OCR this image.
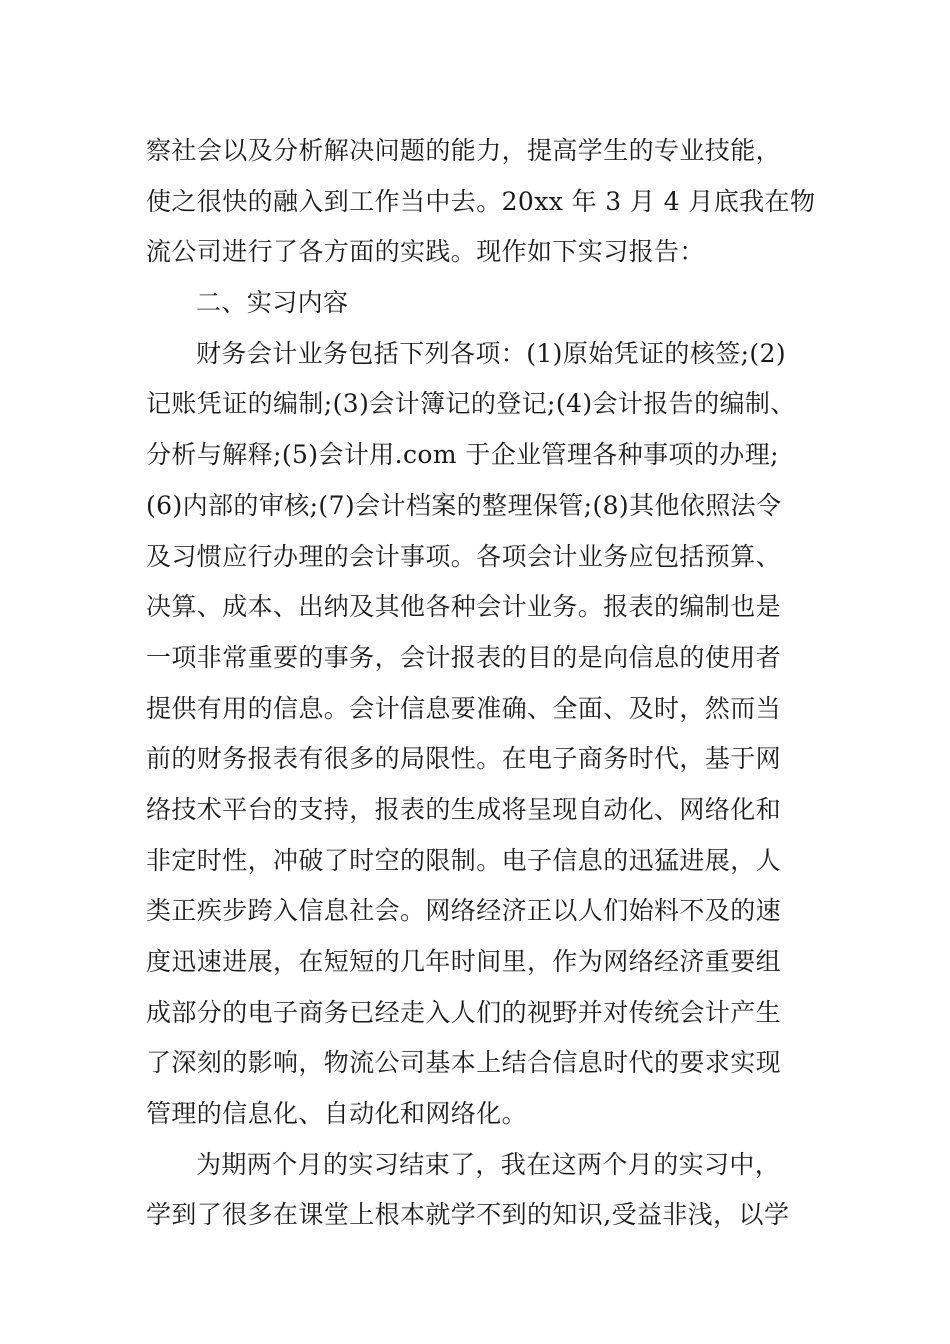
察社会以及分析解决问题的能力，提高学生的专业技能，
使之很快的融入到工作当中去。20xx 年 3 月 4 月底我在物
流公司进行了各方面的实践。现作如下实习报告：
二、实习内容
财务会计业务包括下列各项：(1)原始凭证的核签;(2)
记账凭证的编制;(3)会计簿记的登记;(4)会计报告的编制、
分析与解释;(5)会计用.com 于企业管理各种事项的办理;
(6)内部的审核;(7)会计档案的整理保管;(8)其他依照法令
及习惯应行办理的会计事项。各项会计业务应包括预算、
决算、成本、出纳及其他各种会计业务。报表的编制也是
一项非常重要的事务，会计报表的目的是向信息的使用者
提供有用的信息。会计信息要准确、全面、及时，然而当
前的财务报表有很多的局限性。在电子商务时代，基于网
络技术平台的支持，报表的生成将呈现自动化、网络化和
非定时性，冲破了时空的限制。电子信息的迅猛进展，人
类正疾步跨入信息社会。网络经济正以人们始料不及的速
度迅速进展，在短短的几年时间里，作为网络经济重要组
成部分的电子商务已经走入人们的视野并对传统会计产生
了深刻的影响，物流公司基本上结合信息时代的要求实现
管理的信息化、自动化和网络化。
为期两个月的实习结束了，我在这两个月的实习中，
学到了很多在课堂上根本就学不到的知识,受益非浅，以学
